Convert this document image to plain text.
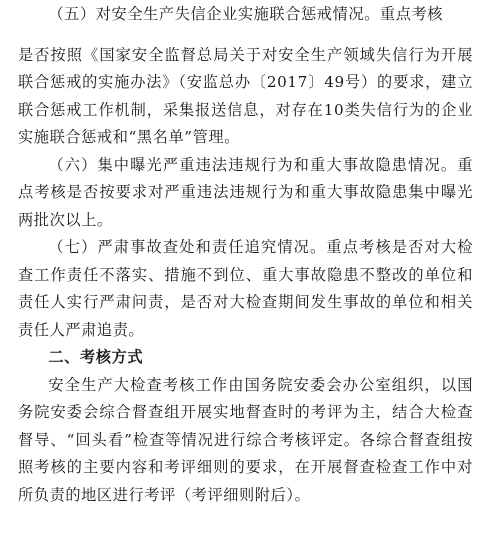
（五）对安全生产失信企业实施联合惩戒情况。重点考核

是否按照《国家安全监督总局关于对安全生产领域失信行为开展联合惩戒的实施办法》（安监总办〔2017〕49号）的要求，建立联合惩戒工作机制，采集报送信息，对存在10类失信行为的企业实施联合惩戒和“黑名单”管理。

（六）集中曝光严重违法违规行为和重大事故隐患情况。重点考核是否按要求对严重违法违规行为和重大事故隐患集中曝光两批次以上。

（七）严肃事故查处和责任追究情况。重点考核是否对大检查工作责任不落实、措施不到位、重大事故隐患不整改的单位和责任人实行严肃问责，是否对大检查期间发生事故的单位和相关责任人严肃追责。

二、考核方式

安全生产大检查考核工作由国务院安委会办公室组织，以国务院安委会综合督查组开展实地督查时的考评为主，结合大检查督导、“回头看”检查等情况进行综合考核评定。各综合督查组按照考核的主要内容和考评细则的要求，在开展督查检查工作中对所负责的地区进行考评（考评细则附后）。
